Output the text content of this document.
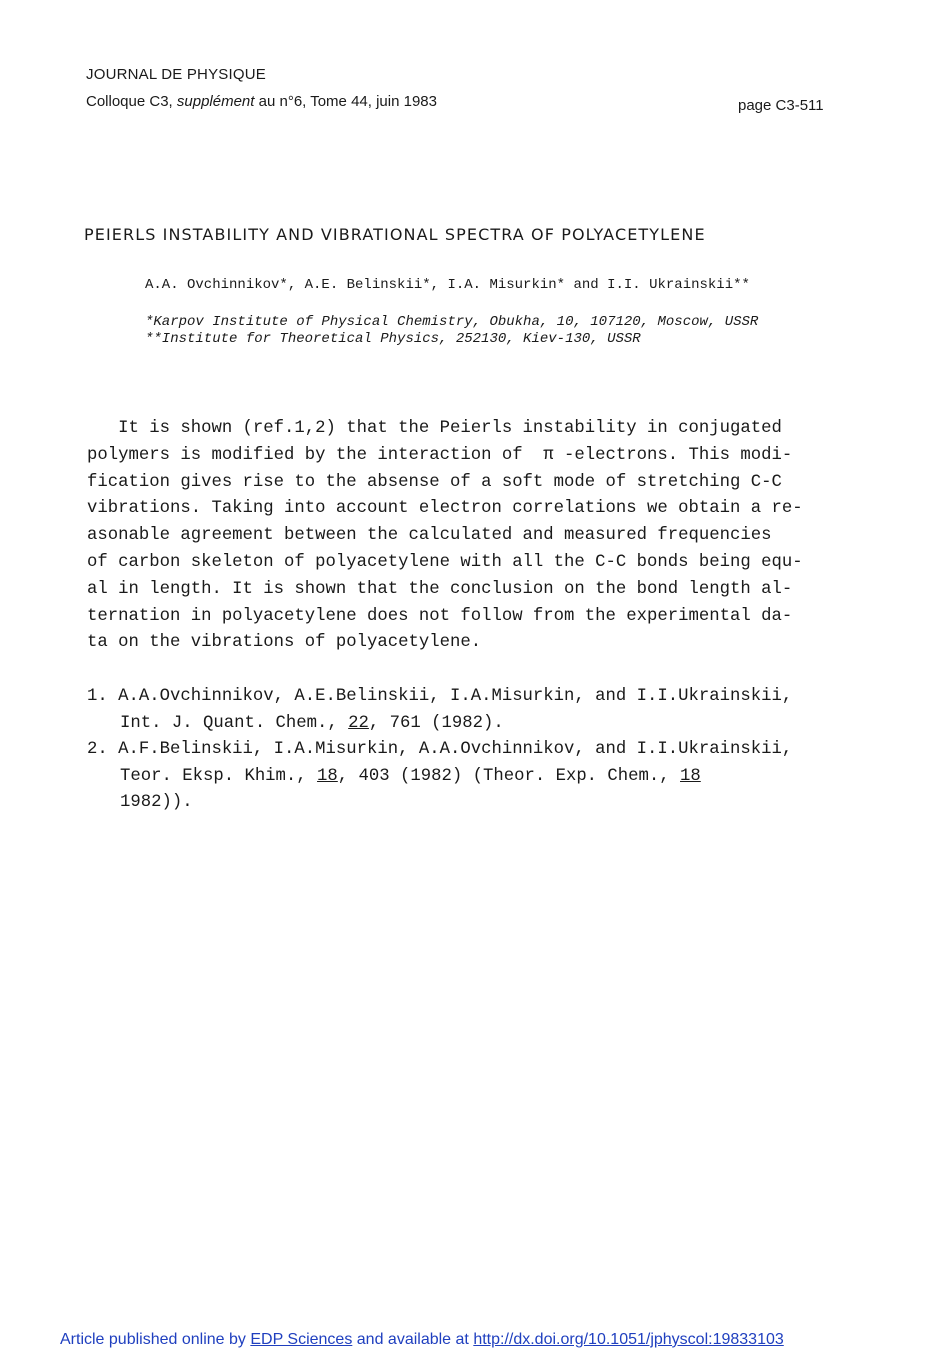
JOURNAL DE PHYSIQUE
Colloque C3, supplément au n°6, Tome 44, juin 1983	page C3-511
PEIERLS INSTABILITY AND VIBRATIONAL SPECTRA OF POLYACETYLENE
A.A. Ovchinnikov*, A.E. Belinskii*, I.A. Misurkin* and I.I. Ukrainskii**
*Karpov Institute of Physical Chemistry, Obukha, 10, 107120, Moscow, USSR
**Institute for Theoretical Physics, 252130, Kiev-130, USSR
It is shown (ref.1,2) that the Peierls instability in conjugated
polymers is modified by the interaction of  π -electrons. This modi-
fication gives rise to the absense of a soft mode of stretching C-C
vibrations. Taking into account electron correlations we obtain a re-
asonable agreement between the calculated and measured frequencies
of carbon skeleton of polyacetylene with all the C-C bonds being equ-
al in length. It is shown that the conclusion on the bond length al-
ternation in polyacetylene does not follow from the experimental da-
ta on the vibrations of polyacetylene.
1. A.A.Ovchinnikov, A.E.Belinskii, I.A.Misurkin, and I.I.Ukrainskii,
Int. J. Quant. Chem., 22, 761 (1982).
2. A.F.Belinskii, I.A.Misurkin, A.A.Ovchinnikov, and I.I.Ukrainskii,
Teor. Eksp. Khim., 18, 403 (1982) (Theor. Exp. Chem., 18
1982)).
Article published online by EDP Sciences and available at http://dx.doi.org/10.1051/jphyscol:19833103
